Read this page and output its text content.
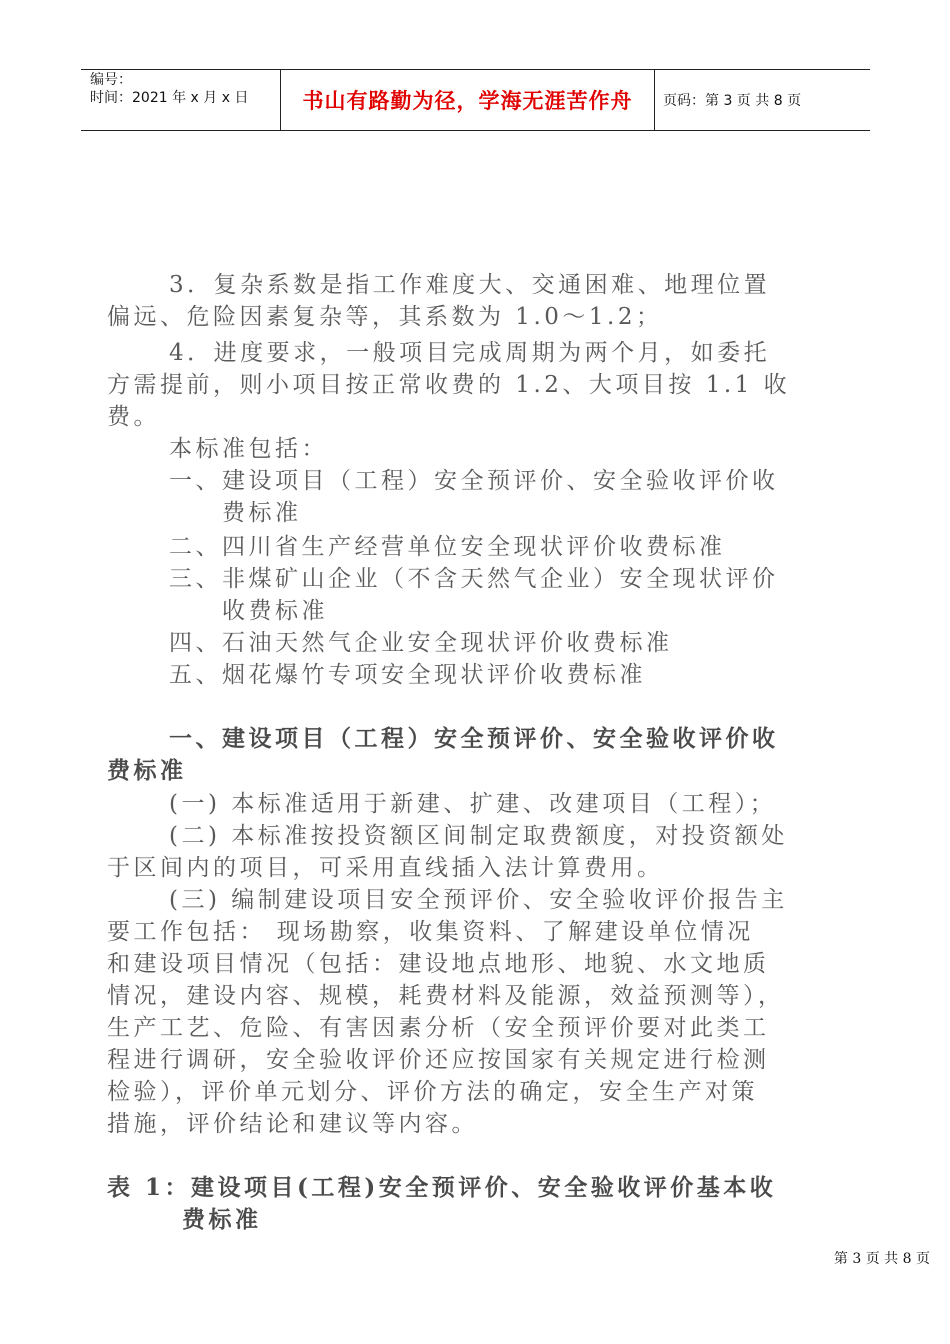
编号：
时间：2021 年 x 月 x 日	书山有路勤为径，学海无涯苦作舟	页码：第 3 页 共 8 页
3．复杂系数是指工作难度大、交通困难、地理位置
偏远、危险因素复杂等，其系数为 1.0～1.2；
4．进度要求，一般项目完成周期为两个月，如委托
方需提前，则小项目按正常收费的 1.2、大项目按 1.1 收
费。
本标准包括：
一、建设项目（工程）安全预评价、安全验收评价收
费标准
二、四川省生产经营单位安全现状评价收费标准
三、非煤矿山企业（不含天然气企业）安全现状评价
收费标准
四、石油天然气企业安全现状评价收费标准
五、烟花爆竹专项安全现状评价收费标准
一、建设项目（工程）安全预评价、安全验收评价收
费标准
(一) 本标准适用于新建、扩建、改建项目（工程）；
(二) 本标准按投资额区间制定取费额度，对投资额处
于区间内的项目，可采用直线插入法计算费用。
(三) 编制建设项目安全预评价、安全验收评价报告主
要工作包括： 现场勘察，收集资料、了解建设单位情况
和建设项目情况（包括：建设地点地形、地貌、水文地质
情况，建设内容、规模，耗费材料及能源，效益预测等），
生产工艺、危险、有害因素分析（安全预评价要对此类工
程进行调研，安全验收评价还应按国家有关规定进行检测
检验），评价单元划分、评价方法的确定，安全生产对策
措施，评价结论和建议等内容。
表 1：建设项目(工程)安全预评价、安全验收评价基本收
费标准
第 3 页 共 8 页
